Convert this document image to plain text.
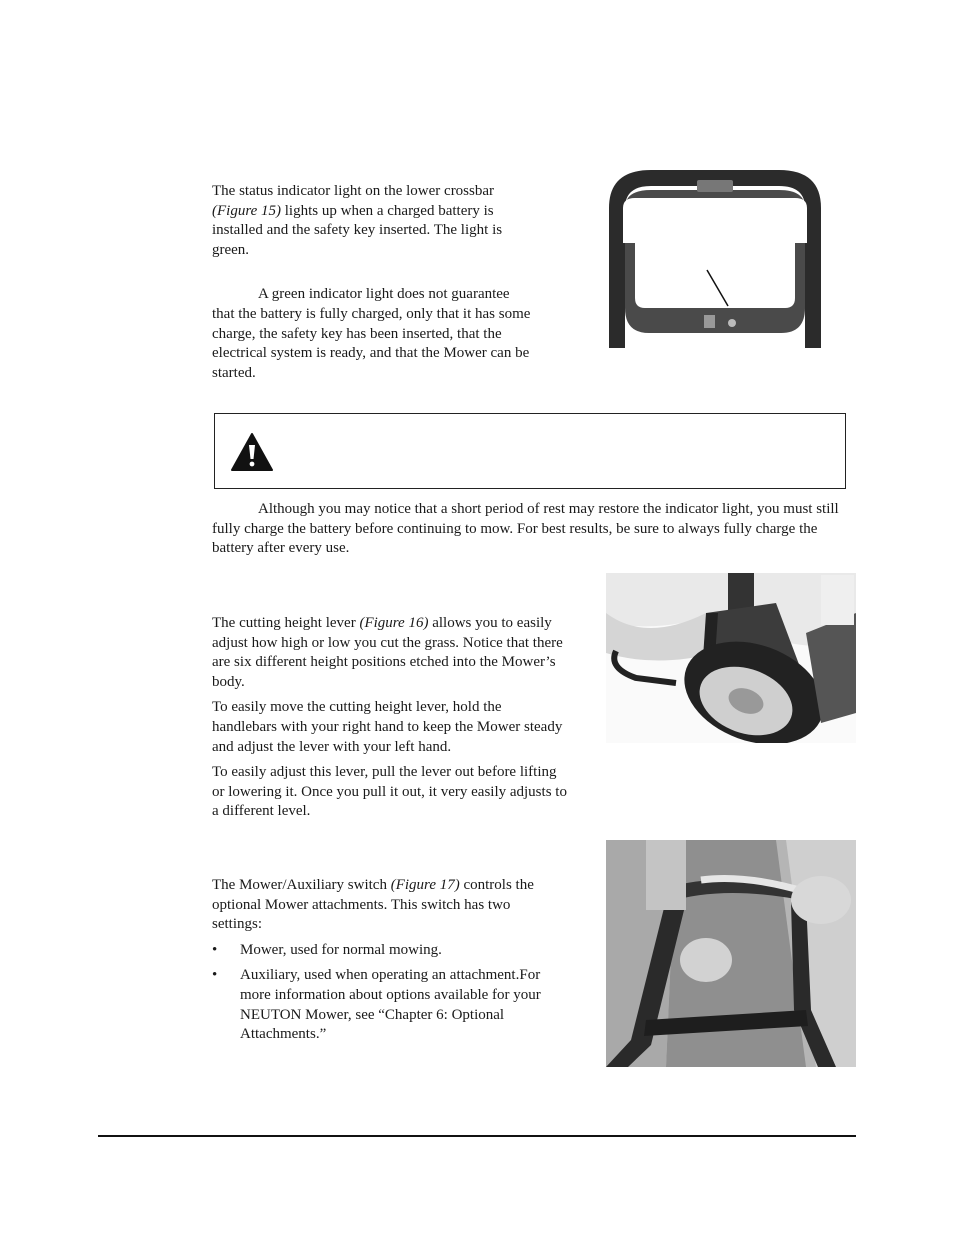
The status indicator light on the lower crossbar (Figure 15) lights up when a charged battery is installed and the safety key inserted. The light is green.

A green indicator light does not guarantee that the battery is fully charged, only that it has some charge, the safety key has been inserted, that the electrical system is ready, and that the Mower can be started.

Although you may notice that a short period of rest may restore the indicator light, you must still fully charge the battery before continuing to mow. For best results, be sure to always fully charge the battery after every use.

The cutting height lever (Figure 16) allows you to easily adjust how high or low you cut the grass. Notice that there are six different height positions etched into the Mower’s body.

To easily move the cutting height lever, hold the handlebars with your right hand to keep the Mower steady and adjust the lever with your left hand.

To easily adjust this lever, pull the lever out before lifting or lowering it. Once you pull it out, it very easily adjusts to a different level.

The Mower/Auxiliary switch (Figure 17) controls the optional Mower attachments. This switch has two settings:

• Mower, used for normal mowing.
• Auxiliary, used when operating an attachment.For more information about options available for your NEUTON Mower, see “Chapter 6: Optional Attachments.”
